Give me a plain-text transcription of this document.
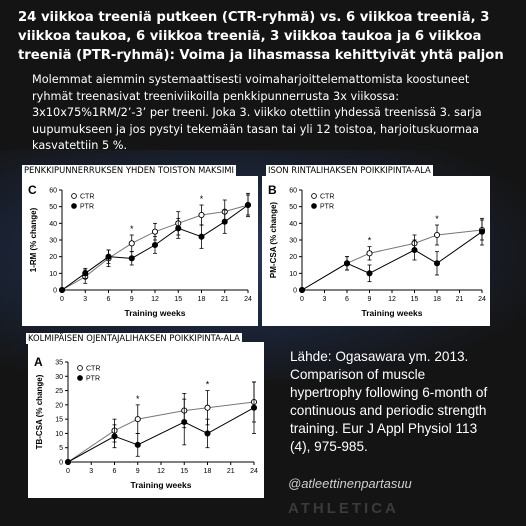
24 viikkoa treeniä putkeen (CTR-ryhmä) vs. 6 viikkoa treeniä, 3 viikkoa taukoa, 6 viikkoa treeniä, 3 viikkoa taukoa ja 6 viikkoa treeniä (PTR-ryhmä): Voima ja lihasmassa kehittyivät yhtä paljon
Molemmat aiemmin systemaattisesti voimaharjoittelemattomista koostuneet ryhmät treenasivat treeniviikoilla penkkipunnerrusta 3x viikossa: 3x10x75%1RM/2’-3’ per treeni. Joka 3. viikko otettiin yhdessä treenissä 3. sarja uupumukseen ja jos pystyi tekemään tasan tai yli 12 toistoa, harjoituskuormaa kasvatettiin 5 %.
0
10
20
30
40
50
60
0	3	6	9 12 15 18 21 24
Training weeks
1-RM (% change)
C
*
*
CTR
PTR
PENKKIPUNNERRUKSEN YHDEN TOISTON MAKSIMI
0
10
20
30
40
50
60
0	3	6	9 12 15 18 21 24
Training weeks
PM-CSA (% change)
B
*
*
CTR
PTR
ISON RINTALIHAKSEN POIKKIPINTA-ALA
0
5
10
15
20
25
30
35
0	3	6	9 12 15 18 21 24
Training weeks
TB-CSA (% change)
A
*
*
CTR
PTR
KOLMIPÄISEN OJENTAJALIHAKSEN POIKKIPINTA-ALA
Lähde: Ogasawara ym. 2013. Comparison of muscle hypertrophy following 6-month of continuous and periodic strength training. Eur J Appl Physiol 113 (4), 975-985.
@atleettinenpartasuu
ATHLETICA
